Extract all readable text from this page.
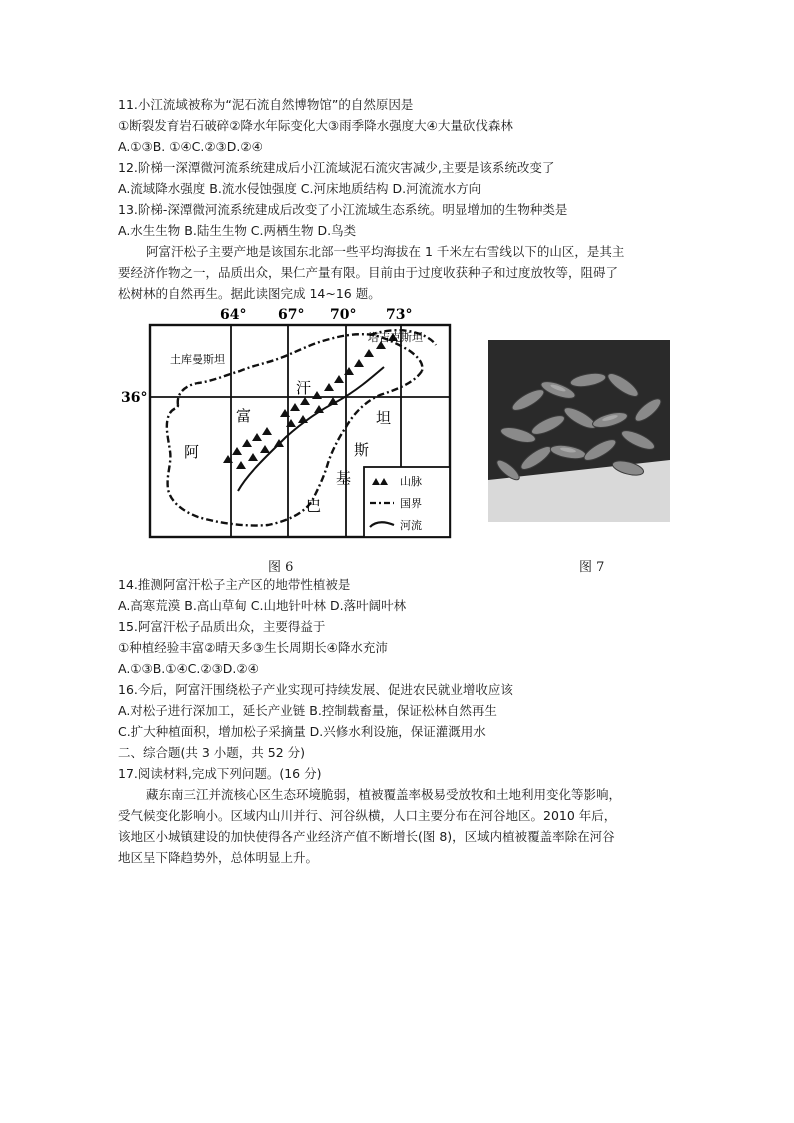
11.小江流域被称为“泥石流自然博物馆”的自然原因是
①断裂发育岩石破碎②降水年际变化大③雨季降水强度大④大量砍伐森林
A.①③B. ①④C.②③D.②④
12.阶梯一深潭微河流系统建成后小江流域泥石流灾害减少,主要是该系统改变了
A.流域降水强度 B.流水侵蚀强度 C.河床地质结构 D.河流流水方向
13.阶梯-深潭微河流系统建成后改变了小江流域生态系统。明显增加的生物种类是
A.水生生物 B.陆生生物 C.两栖生物 D.鸟类
阿富汗松子主要产地是该国东北部一些平均海拔在 1 千米左右雪线以下的山区，是其主
要经济作物之一，品质出众，果仁产量有限。目前由于过度收获种子和过度放牧等，阻碍了
松树林的自然再生。据此读图完成 14~16 题。
64° 67° 70° 73°
36°
土库曼斯坦
塔吉克斯坦
汗
富
阿
坦
斯
基
巴
山脉
国界
河流
图 6	图 7
14.推测阿富汗松子主产区的地带性植被是
A.高寒荒漠 B.高山草甸 C.山地针叶林 D.落叶阔叶林
15.阿富汗松子品质出众，主要得益于
①种植经验丰富②晴天多③生长周期长④降水充沛
A.①③B.①④C.②③D.②④
16.今后，阿富汗围绕松子产业实现可持续发展、促进农民就业增收应该
A.对松子进行深加工，延长产业链 B.控制载畜量，保证松林自然再生
C.扩大种植面积，增加松子采摘量 D.兴修水利设施，保证灌溉用水
二、综合题(共 3 小题，共 52 分)
17.阅读材料,完成下列问题。(16 分)
藏东南三江并流核心区生态环境脆弱，植被覆盖率极易受放牧和土地利用变化等影响，
受气候变化影响小。区域内山川并行、河谷纵横，人口主要分布在河谷地区。2010 年后，
该地区小城镇建设的加快使得各产业经济产值不断增长(图 8)，区域内植被覆盖率除在河谷
地区呈下降趋势外，总体明显上升。
